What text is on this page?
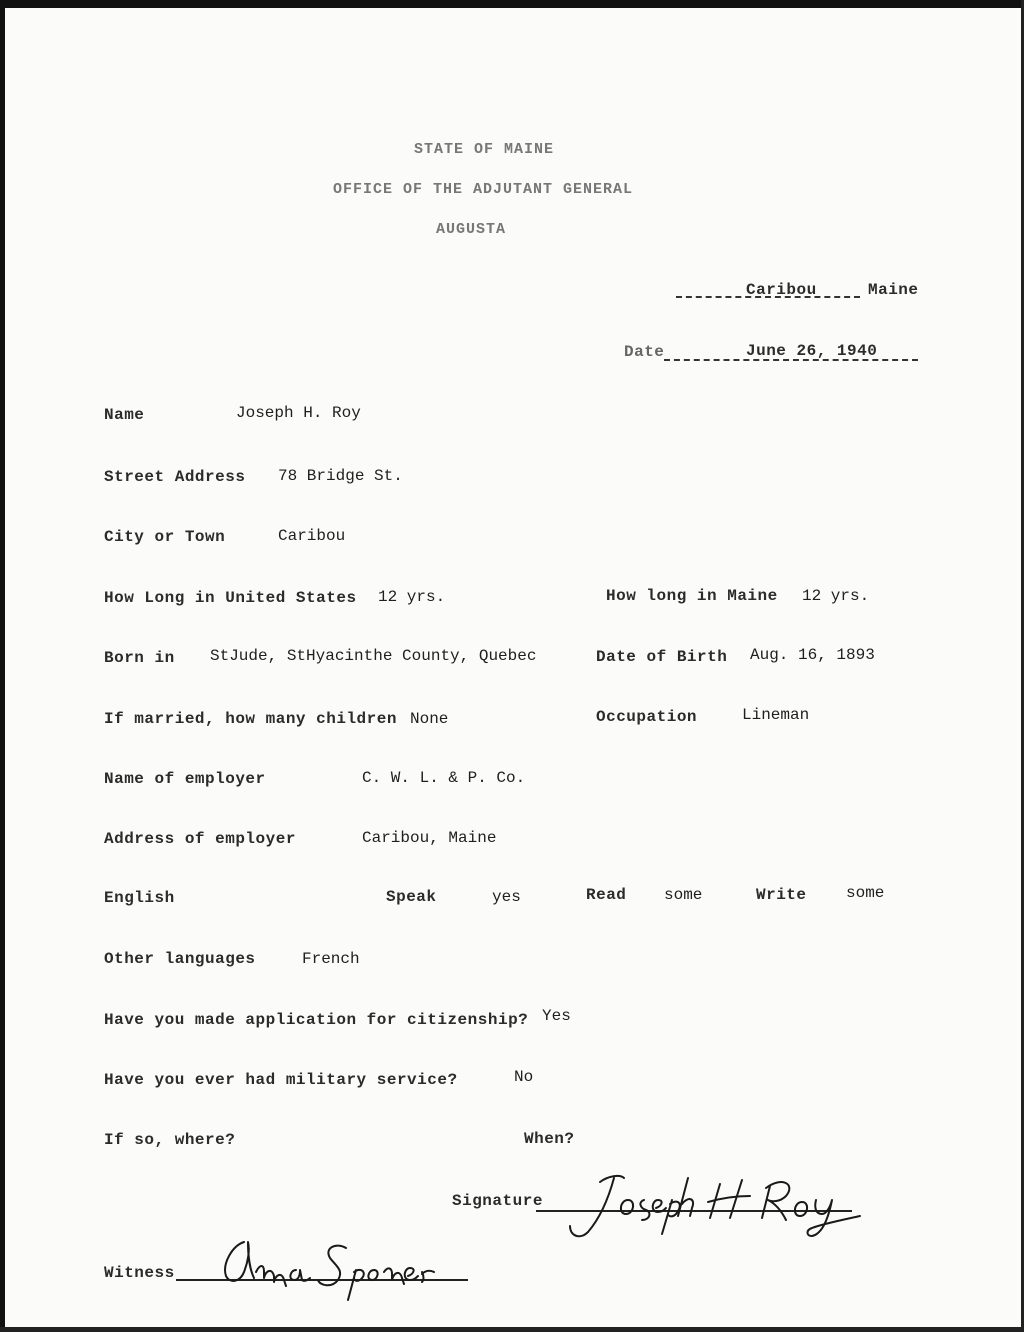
STATE OF MAINE
OFFICE OF THE ADJUTANT GENERAL
AUGUSTA
Caribou	Maine
Date	June 26, 1940
Name	Joseph H. Roy
Street Address 78 Bridge St.
City or Town	Caribou
How Long in United States 12 yrs.	How long in Maine 12 yrs.
Born in StJude, StHyacinthe County, Quebec	Date of Birth Aug. 16, 1893
If married, how many children None	Occupation	Lineman
Name of employer	C. W. L. & P. Co.
Address of employer	Caribou, Maine
English	Speak	yes	Read some	Write some
Other languages	French
Have you made application for citizenship? Yes
Have you ever had military service?	No
If so, where?	When?
Signature
Witness
